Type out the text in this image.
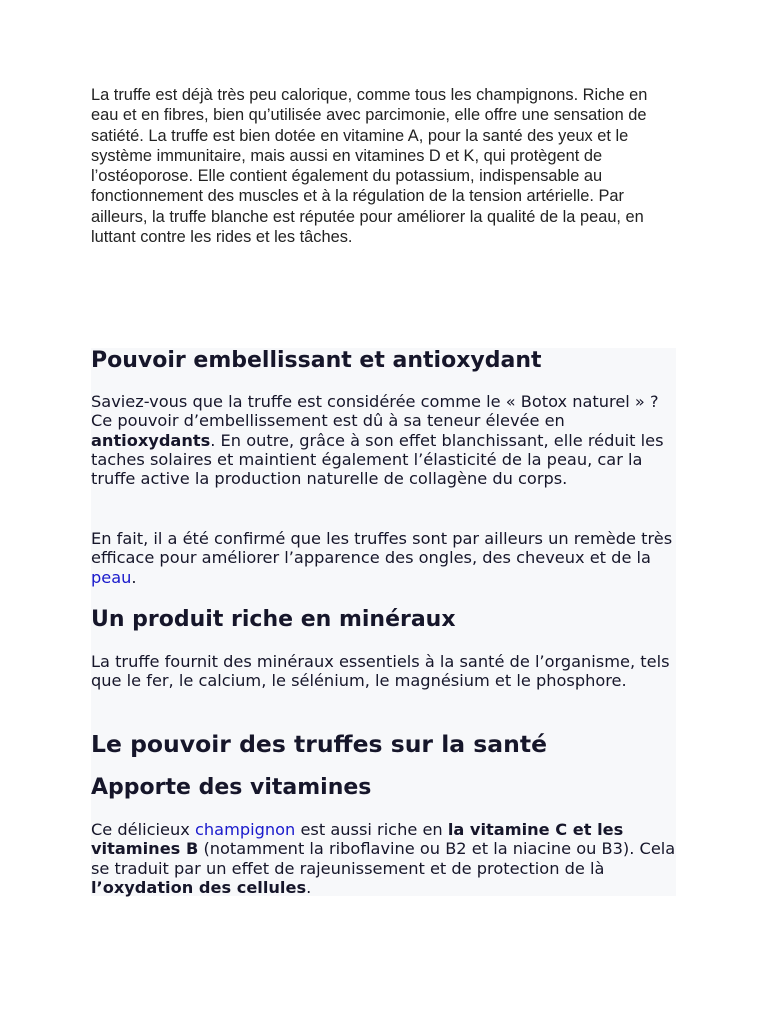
La truffe est déjà très peu calorique, comme tous les champignons. Riche en eau et en fibres, bien qu’utilisée avec parcimonie, elle offre une sensation de satiété. La truffe est bien dotée en vitamine A, pour la santé des yeux et le système immunitaire, mais aussi en vitamines D et K, qui protègent de l’ostéoporose. Elle contient également du potassium, indispensable au fonctionnement des muscles et à la régulation de la tension artérielle. Par ailleurs, la truffe blanche est réputée pour améliorer la qualité de la peau, en luttant contre les rides et les tâches.

Pouvoir embellissant et antioxydant

Saviez-vous que la truffe est considérée comme le « Botox naturel » ? Ce pouvoir d’embellissement est dû à sa teneur élevée en antioxydants. En outre, grâce à son effet blanchissant, elle réduit les taches solaires et maintient également l’élasticité de la peau, car la truffe active la production naturelle de collagène du corps.

En fait, il a été confirmé que les truffes sont par ailleurs un remède très efficace pour améliorer l’apparence des ongles, des cheveux et de la peau.

Un produit riche en minéraux

La truffe fournit des minéraux essentiels à la santé de l’organisme, tels que le fer, le calcium, le sélénium, le magnésium et le phosphore.

Le pouvoir des truffes sur la santé
Apporte des vitamines

Ce délicieux champignon est aussi riche en la vitamine C et les vitamines B (notamment la riboflavine ou B2 et la niacine ou B3). Cela se traduit par un effet de rajeunissement et de protection de là l’oxydation des cellules.
